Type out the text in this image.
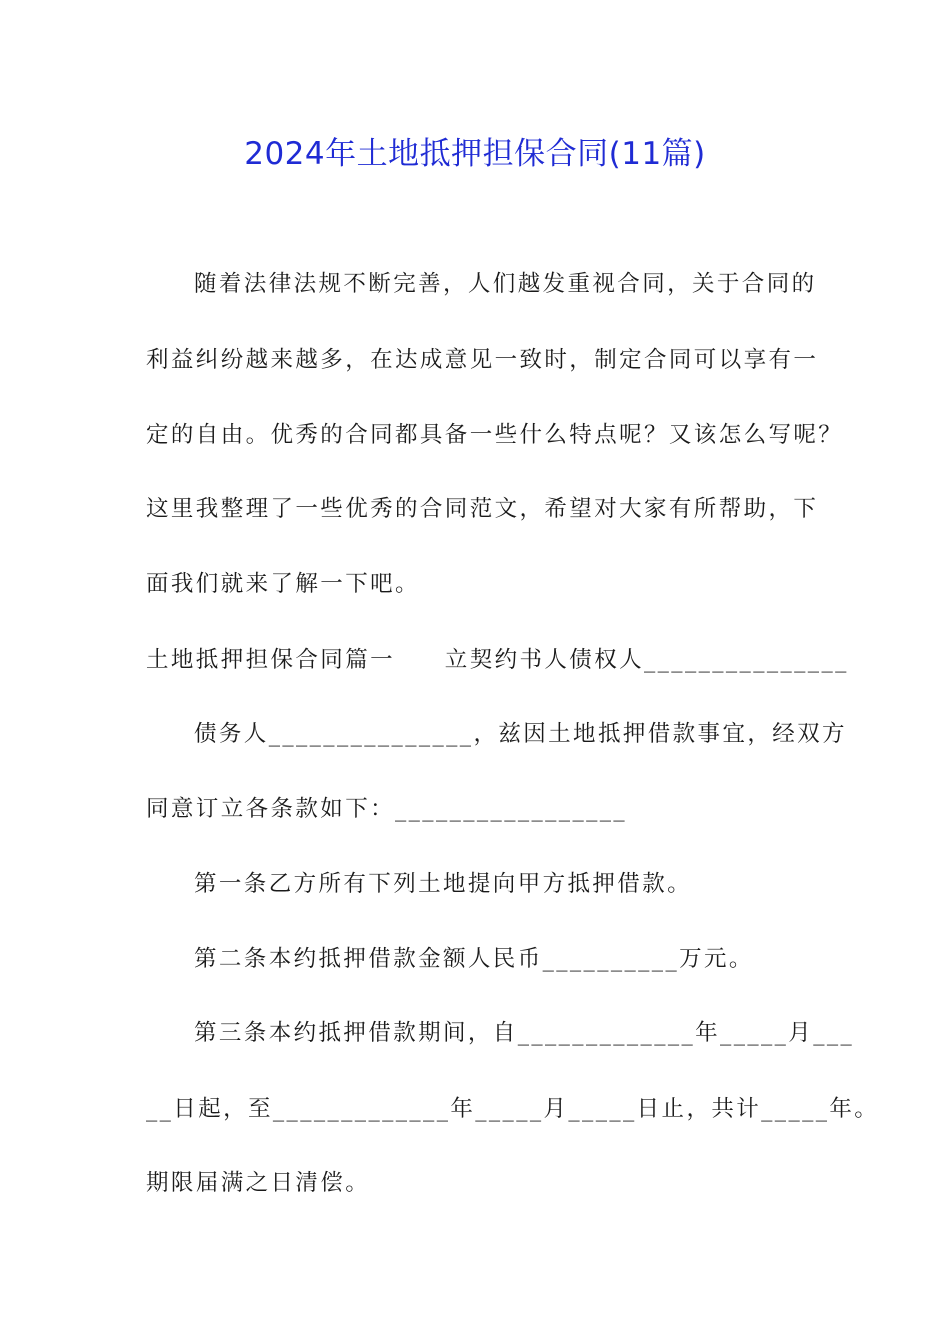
2024年土地抵押担保合同(11篇)
随着法律法规不断完善，人们越发重视合同，关于合同的
利益纠纷越来越多，在达成意见一致时，制定合同可以享有一
定的自由。优秀的合同都具备一些什么特点呢？又该怎么写呢？
这里我整理了一些优秀的合同范文，希望对大家有所帮助，下
面我们就来了解一下吧。
土地抵押担保合同篇一　　立契约书人债权人_______________
债务人_______________，兹因土地抵押借款事宜，经双方
同意订立各条款如下：_________________
第一条乙方所有下列土地提向甲方抵押借款。
第二条本约抵押借款金额人民币__________万元。
第三条本约抵押借款期间，自_____________年_____月___
__日起，至_____________年_____月_____日止，共计_____年。
期限届满之日清偿。
